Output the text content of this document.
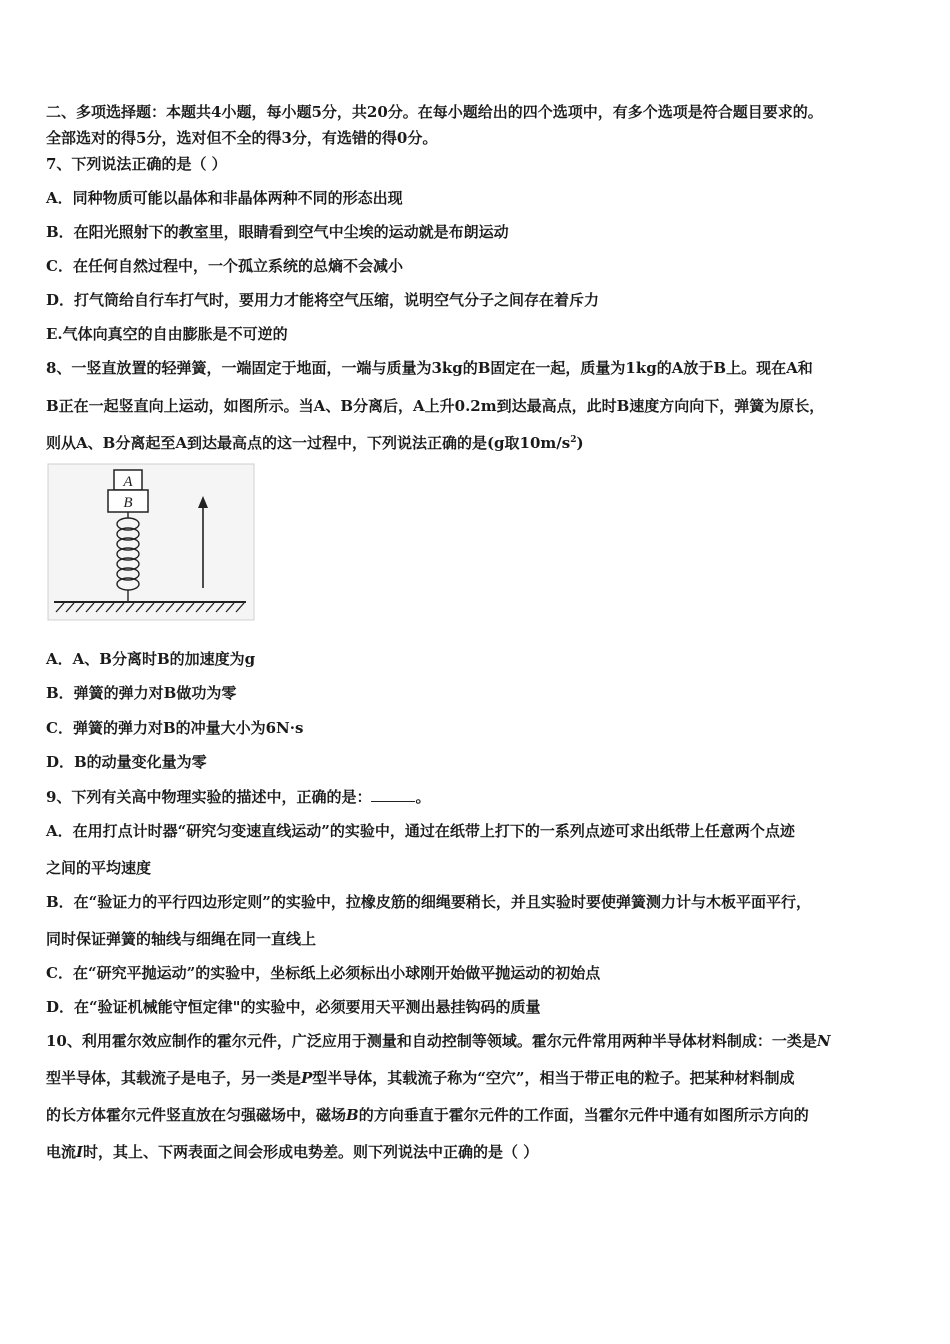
二、多项选择题：本题共4小题，每小题5分，共20分。在每小题给出的四个选项中，有多个选项是符合题目要求的。
全部选对的得5分，选对但不全的得3分，有选错的得0分。
7、下列说法正确的是（ ）
A．同种物质可能以晶体和非晶体两种不同的形态出现
B．在阳光照射下的教室里，眼睛看到空气中尘埃的运动就是布朗运动
C．在任何自然过程中，一个孤立系统的总熵不会减小
D．打气筒给自行车打气时，要用力才能将空气压缩，说明空气分子之间存在着斥力
E.气体向真空的自由膨胀是不可逆的
8、一竖直放置的轻弹簧，一端固定于地面，一端与质量为3kg的B固定在一起，质量为1kg的A放于B上。现在A和
B正在一起竖直向上运动，如图所示。当A、B分离后，A上升0.2m到达最高点，此时B速度方向向下，弹簧为原长，
则从A、B分离起至A到达最高点的这一过程中，下列说法正确的是(g取$10m/s^2$)
A
B
A．A、B分离时B的加速度为g
B．弹簧的弹力对B做功为零
C．弹簧的弹力对B的冲量大小为6N·s
D．B的动量变化量为零
9、下列有关高中物理实验的描述中，正确的是：	。
A．在用打点计时器“研究匀变速直线运动”的实验中，通过在纸带上打下的一系列点迹可求出纸带上任意两个点迹
之间的平均速度
B．在“验证力的平行四边形定则”的实验中，拉橡皮筋的细绳要稍长，并且实验时要使弹簧测力计与木板平面平行，
同时保证弹簧的轴线与细绳在同一直线上
C．在“研究平抛运动”的实验中，坐标纸上必须标出小球刚开始做平抛运动的初始点
D．在“验证机械能守恒定律"的实验中，必须要用天平测出悬挂钩码的质量
10、利用霍尔效应制作的霍尔元件，广泛应用于测量和自动控制等领域。霍尔元件常用两种半导体材料制成：一类是N
型半导体，其载流子是电子，另一类是P型半导体，其载流子称为“空穴”，相当于带正电的粒子。把某种材料制成
的长方体霍尔元件竖直放在匀强磁场中，磁场B的方向垂直于霍尔元件的工作面，当霍尔元件中通有如图所示方向的
电流I时，其上、下两表面之间会形成电势差。则下列说法中正确的是（ ）
